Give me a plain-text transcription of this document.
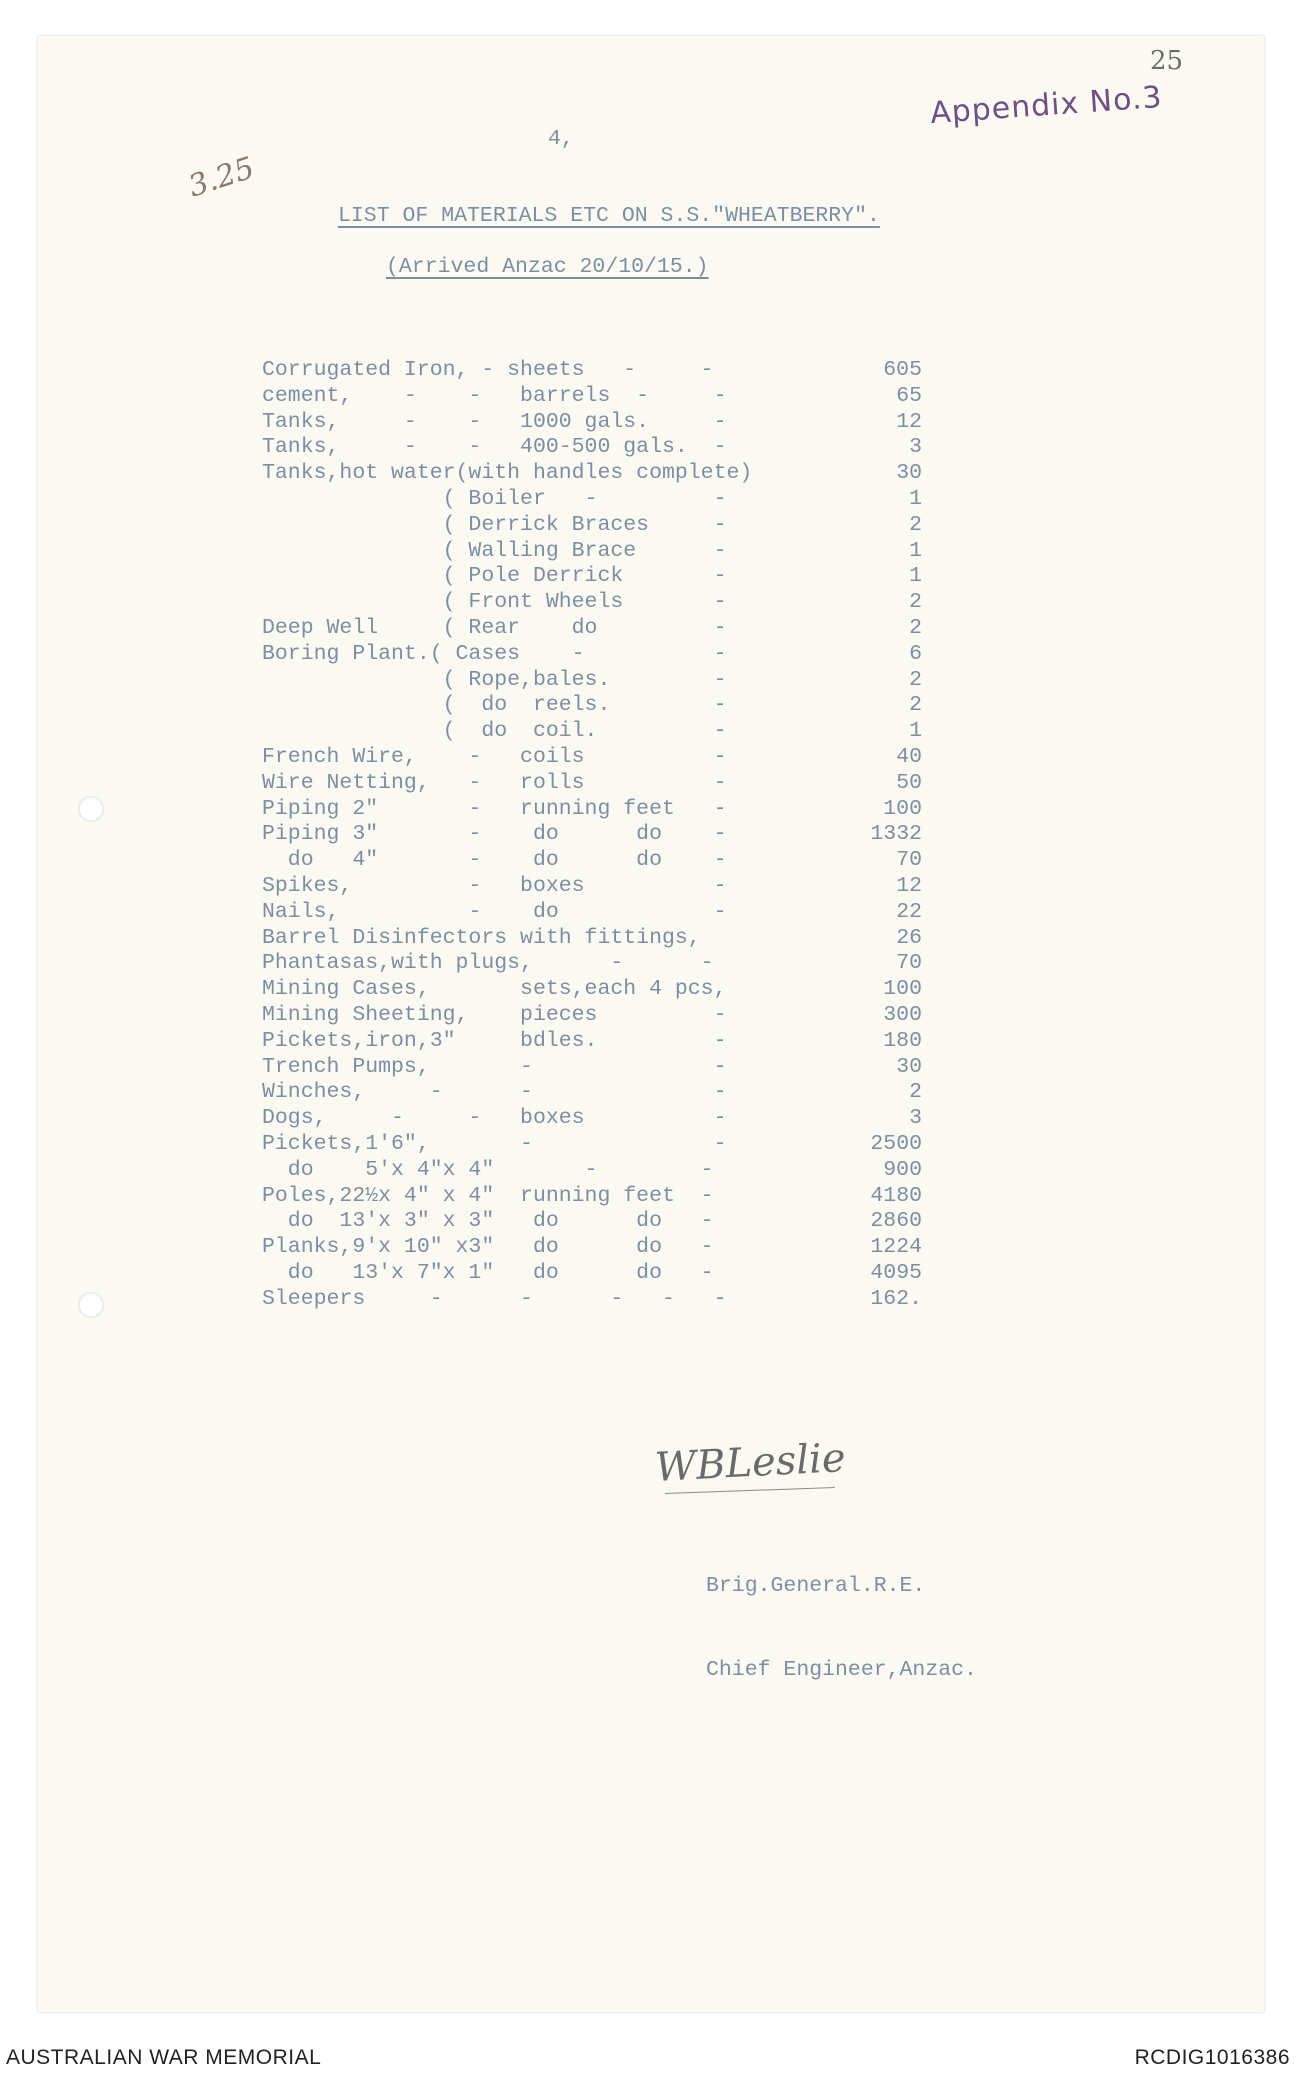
3.25
Appendix No.3
25
4,
LIST OF MATERIALS ETC ON S.S."WHEATBERRY".
(Arrived Anzac 20/10/15.)
Corrugated Iron, - sheets   -     -	605
cement,    -    -   barrels  -     -	65
Tanks,     -    -   1000 gals.     -	12
Tanks,     -    -   400-500 gals.  -	3
Tanks,hot water(with handles complete)	30
( Boiler   -         -	1
( Derrick Braces     -	2
( Walling Brace      -	1
( Pole Derrick       -	1
( Front Wheels       -	2
Deep Well     ( Rear    do         -	2
Boring Plant.( Cases    -          -	6
( Rope,bales.        -	2
(  do  reels.        -	2
(  do  coil.         -	1
French Wire,    -   coils          -	40
Wire Netting,   -   rolls          -	50
Piping 2"       -   running feet   -	100
Piping 3"       -    do      do    -	1332
do   4"       -    do      do    -	70
Spikes,         -   boxes          -	12
Nails,          -    do            -	22
Barrel Disinfectors with fittings,	26
Phantasas,with plugs,      -      -	70
Mining Cases,       sets,each 4 pcs,	100
Mining Sheeting,    pieces         -	300
Pickets,iron,3"     bdles.         -	180
Trench Pumps,       -              -	30
Winches,     -      -              -	2
Dogs,     -     -   boxes          -	3
Pickets,1'6",       -              -	2500
do    5'x 4"x 4"       -        -	900
Poles,22½x 4" x 4"  running feet  -	4180
do  13'x 3" x 3"   do      do   -	2860
Planks,9'x 10" x3"   do      do   -	1224
do   13'x 7"x 1"   do      do   -	4095
Sleepers     -      -      -   -   -	162.
WBLeslie

Brig.General.R.E.

Chief Engineer,Anzac.

AUSTRALIAN WAR MEMORIAL	RCDIG1016386
